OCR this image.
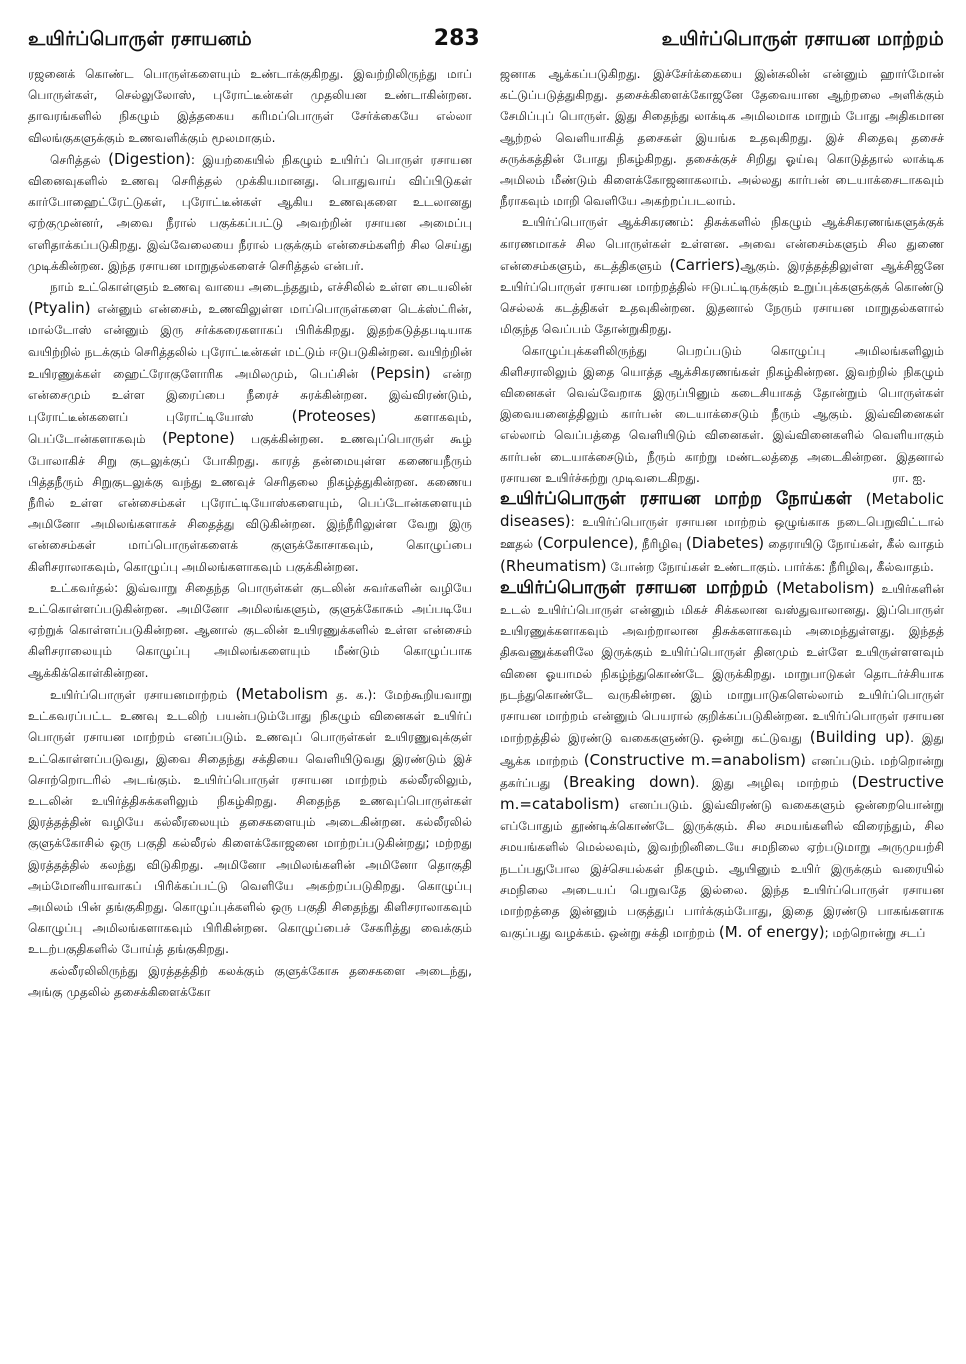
உயிர்ப்பொருள் ரசாயனம்	283	உயிர்ப்பொருள் ரசாயன மாற்றம்

ரஜனைக் கொண்ட பொருள்களையும் உண்டாக்குகிறது. இவற்றிலிருந்து மாப் பொருள்கள், செல்லுலோஸ், புரோட்டீன்கள் முதலியன உண்டாகின்றன. தாவரங்களில் நிகழும் இத்தகைய கரிமப்பொருள் சேர்க்கையே எல்லா விலங்குகளுக்கும் உணவளிக்கும் மூலமாகும்.

செரித்தல் (Digestion): இயற்கையில் நிகழும் உயிர்ப் பொருள் ரசாயன வினைவுகளில் உணவு செரித்தல் முக்கியமானது. பொதுவாய் விப்பிடுகள் கார்போஹைட்ரேட்டுகள், புரோட்டீன்கள் ஆகிய உணவுகளை உடலானது ஏற்குமுன்னர், அவை நீரால் பகுக்கப்பட்டு அவற்றின் ரசாயன அமைப்பு எளிதாக்கப்படுகிறது. இவ்வேலையை நீரால் பகுக்கும் என்சைம்களிற் சில செய்து முடிக்கின்றன. இந்த ரசாயன மாறுதல்களைச் செரித்தல் என்பர்.

நாம் உட்கொள்ளும் உணவு வாயை அடைந்ததும், எச்சிலில் உள்ள டையலின் (Ptyalin) என்னும் என்சைம், உணவிலுள்ள மாப்பொருள்களை டெக்ஸ்ட்ரின், மால்டோஸ் என்னும் இரு சர்க்கரைகளாகப் பிரிக்கிறது. இதற்கடுத்தபடியாக வயிற்றில் நடக்கும் செரித்தலில் புரோட்டீன்கள் மட்டும் ஈடுபடுகின்றன. வயிற்றின் உயிரணுக்கள் ஹைட்ரோகுளோரிக அமிலமும், பெப்சின் (Pepsin) என்ற என்சைமும் உள்ள இரைப்பை நீரைச் சுரக்கின்றன. இவ்விரண்டும், புரோட்டீன்களைப் புரோட்டியோஸ் (Proteoses) களாகவும், பெப்டோன்களாகவும் (Peptone) பகுக்கின்றன. உணவுப்பொருள் கூழ் போலாகிச் சிறு குடலுக்குப் போகிறது. காரத் தன்மையுள்ள கணையநீரும் பித்தநீரும் சிறுகுடலுக்கு வந்து உணவுச் செரிதலை நிகழ்த்துகின்றன. கணைய நீரில் உள்ள என்சைம்கள் புரோட்டியோஸ்களையும், பெப்டோன்களையும் அமினோ அமிலங்களாகச் சிதைத்து விடுகின்றன. இந்நீரிலுள்ள வேறு இரு என்சைம்கள் மாப்பொருள்களைக் குளுக்கோசாகவும், கொழுப்பை கிளிசராலாகவும், கொழுப்பு அமிலங்களாகவும் பகுக்கின்றன.

உட்கவர்தல்: இவ்வாறு சிதைந்த பொருள்கள் குடலின் சுவர்களின் வழியே உட்கொள்ளப்படுகின்றன. அமினோ அமிலங்களும், குளுக்கோசும் அப்படியே ஏற்றுக் கொள்ளப்படுகின்றன. ஆனால் குடலின் உயிரணுக்களில் உள்ள என்சைம் கிளிசராலையும் கொழுப்பு அமிலங்களையும் மீண்டும் கொழுப்பாக ஆக்கிக்கொள்கின்றன.

உயிர்ப்பொருள் ரசாயனமாற்றம் (Metabolism த. க.): மேற்கூறியவாறு உட்கவரப்பட்ட உணவு உடலிற் பயன்படும்போது நிகழும் வினைகள் உயிர்ப் பொருள் ரசாயன மாற்றம் எனப்படும். உணவுப் பொருள்கள் உயிரணுவுக்குள் உட்கொள்ளப்படுவது, இவை சிதைந்து சக்தியை வெளியிடுவது இரண்டும் இச் சொற்றொடரில் அடங்கும். உயிர்ப்பொருள் ரசாயன மாற்றம் கல்லீரலிலும், உடலின் உயிர்த்திசுக்களிலும் நிகழ்கிறது. சிதைந்த உணவுப்பொருள்கள் இரத்தத்தின் வழியே கல்லீரலையும் தசைகளையும் அடைகின்றன. கல்லீரலில் குளுக்கோசில் ஒரு பகுதி கல்லீரல் கிளைக்கோஜனை மாற்றப்படுகின்றது; மற்றது இரத்தத்தில் கலந்து விடுகிறது. அமினோ அமிலங்களின் அமினோ தொகுதி அம்மோனியாவாகப் பிரிக்கப்பட்டு வெளியே அகற்றப்படுகிறது. கொழுப்பு அமிலம் பின் தங்குகிறது. கொழுப்புக்களில் ஒரு பகுதி சிதைந்து கிளிசராலாகவும் கொழுப்பு அமிலங்களாகவும் பிரிகின்றன. கொழுப்பைச் சேகரித்து வைக்கும் உடற்பகுதிகளில் போய்த் தங்குகிறது.

கல்லீரலிலிருந்து இரத்தத்திற் கலக்கும் குளுக்கோசு தசைகளை அடைந்து, அங்கு முதலில் தசைக்கிளைக்கோ

ஜனாக ஆக்கப்படுகிறது. இச்சேர்க்கையை இன்சுலின் என்னும் ஹார்மோன் கட்டுப்படுத்துகிறது. தசைக்கிளைக்கோஜனே தேவையான ஆற்றலை அளிக்கும் சேமிப்புப் பொருள். இது சிதைந்து லாக்டிக அமிலமாக மாறும் போது அதிகமான ஆற்றல் வெளியாகித் தசைகள் இயங்க உதவுகிறது. இச் சிதைவு தசைச் சுருக்கத்தின் போது நிகழ்கிறது. தசைக்குச் சிறிது ஓய்வு கொடுத்தால் லாக்டிக அமிலம் மீண்டும் கிளைக்கோஜனாகலாம். அல்லது கார்பன் டையாக்சைடாகவும் நீராகவும் மாறி வெளியே அகற்றப்படலாம்.

உயிர்ப்பொருள் ஆக்சிகரணம்: திசுக்களில் நிகழும் ஆக்சிகரணங்களுக்குக் காரணமாகச் சில பொருள்கள் உள்ளன. அவை என்சைம்களும் சில துணை என்சைம்களும், கடத்திகளும் (Carriers)ஆகும். இரத்தத்திலுள்ள ஆக்சிஜனே உயிர்ப்பொருள் ரசாயன மாற்றத்தில் ஈடுபட்டிருக்கும் உறுப்புக்களுக்குக் கொண்டு செல்லக் கடத்திகள் உதவுகின்றன. இதனால் நேரும் ரசாயன மாறுதல்களால் மிகுந்த வெப்பம் தோன்றுகிறது.

கொழுப்புக்களிலிருந்து பெறப்படும் கொழுப்பு அமிலங்களிலும் கிளிசராலிலும் இதை யொத்த ஆக்சிகரணங்கள் நிகழ்கின்றன. இவற்றில் நிகழும் வினைகள் வெவ்வேறாக இருப்பினும் கடைசியாகத் தோன்றும் பொருள்கள் இவையனைத்திலும் கார்பன் டையாக்சைடும் நீரும் ஆகும். இவ்வினைகள் எல்லாம் வெப்பத்தை வெளியிடும் வினைகள். இவ்வினைகளில் வெளியாகும் கார்பன் டையாக்சைடும், நீரும் காற்று மண்டலத்தை அடைகின்றன. இதனால் ரசாயன உயிர்ச்சுற்று முடிவடைகிறது.	ரா. ஐ.

உயிர்ப்பொருள் ரசாயன மாற்ற நோய்கள் (Metabolic diseases): உயிர்ப்பொருள் ரசாயன மாற்றம் ஒழுங்காக நடைபெறுவிட்டால் ஊதல் (Corpulence), நீரிழிவு (Diabetes) தைராயிடு நோய்கள், கீல் வாதம் (Rheumatism) போன்ற நோய்கள் உண்டாகும். பார்க்க: நீரிழிவு, கீல்வாதம்.

உயிர்ப்பொருள் ரசாயன மாற்றம் (Metabolism) உயிர்களின் உடல் உயிர்ப்பொருள் என்னும் மிகச் சிக்கலான வஸ்துவாலானது. இப்பொருள் உயிரணுக்களாகவும் அவற்றாலான திசுக்களாகவும் அமைந்துள்ளது. இந்தத் திசுவணுக்களிலே இருக்கும் உயிர்ப்பொருள் தினமும் உள்ளே உயிருள்ளளவும் வினை ஓயாமல் நிகழ்ந்துகொண்டே இருக்கிறது. மாறுபாடுகள் தொடர்ச்சியாக நடந்துகொண்டே வருகின்றன. இம் மாறுபாடுகளெல்லாம் உயிர்ப்பொருள் ரசாயன மாற்றம் என்னும் பெயரால் குறிக்கப்படுகின்றன. உயிர்ப்பொருள் ரசாயன மாற்றத்தில் இரண்டு வகைகளுண்டு. ஒன்று கட்டுவது (Building up). இது ஆக்க மாற்றம் (Constructive m.=anabolism) எனப்படும். மற்றொன்று தகர்ப்பது (Breaking down). இது அழிவு மாற்றம் (Destructive m.=catabolism) எனப்படும். இவ்விரண்டு வகைகளும் ஒன்றையொன்று எப்போதும் தூண்டிக்கொண்டே இருக்கும். சில சமயங்களில் விரைந்தும், சில சமயங்களில் மெல்லவும், இவற்றினிடையே சமநிலை ஏற்படுமாறு அருமுயற்சி நடப்பதுபோல இச்செயல்கள் நிகழும். ஆயினும் உயிர் இருக்கும் வரையில் சமநிலை அடையப் பெறுவதே இல்லை. இந்த உயிர்ப்பொருள் ரசாயன மாற்றத்தை இன்னும் பகுத்துப் பார்க்கும்போது, இதை இரண்டு பாகங்களாக வகுப்பது வழக்கம். ஒன்று சக்தி மாற்றம் (M. of energy); மற்றொன்று சடப்
